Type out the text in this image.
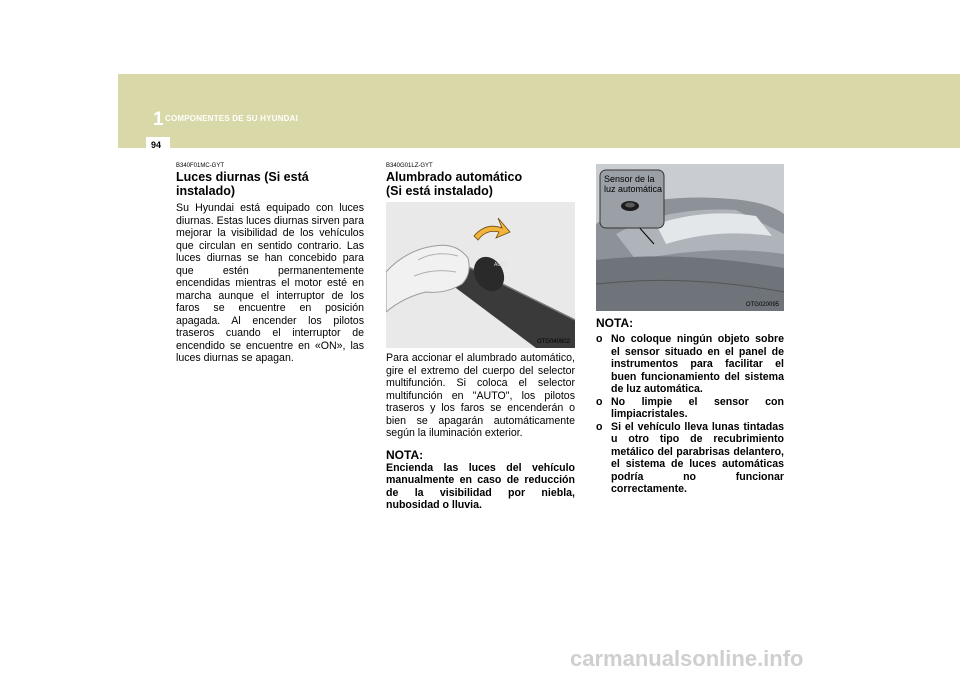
1 COMPONENTES DE SU HYUNDAI
94
B340F01MC-GYT
Luces diurnas (Si está instalado)
Su Hyundai está equipado con luces diurnas. Estas luces diurnas sirven para mejorar la visibilidad de los vehículos que circulan en sentido contrario. Las luces diurnas se han concebido para que estén permanentemente encendidas mientras el motor esté en marcha aunque el interruptor de los faros se encuentre en posición apagada. Al encender los pilotos traseros cuando el interruptor de encendido se encuentre en «ON», las luces diurnas se apagan.
B340G01LZ-GYT
Alumbrado automático
(Si está instalado)
AUTO
OTG040802
Para accionar el alumbrado automático, gire el extremo del cuerpo del selector multifunción. Si coloca el selector multifunción en "AUTO", los pilotos traseros y los faros se encenderán o bien se apagarán automáticamente según la iluminación exterior.
NOTA:
Encienda las luces del vehículo manualmente en caso de reducción de la visibilidad por niebla, nubosidad o lluvia.
Sensor de la
luz automática
OTG020095
NOTA:
o No coloque ningún objeto sobre el sensor situado en el panel de instrumentos para facilitar el buen funcionamiento del sistema de luz automática.
o No limpie el sensor con limpiacristales.
o Si el vehículo lleva lunas tintadas u otro tipo de recubrimiento metálico del parabrisas delantero, el sistema de luces automáticas podría no funcionar correctamente.
carmanualsonline.info
